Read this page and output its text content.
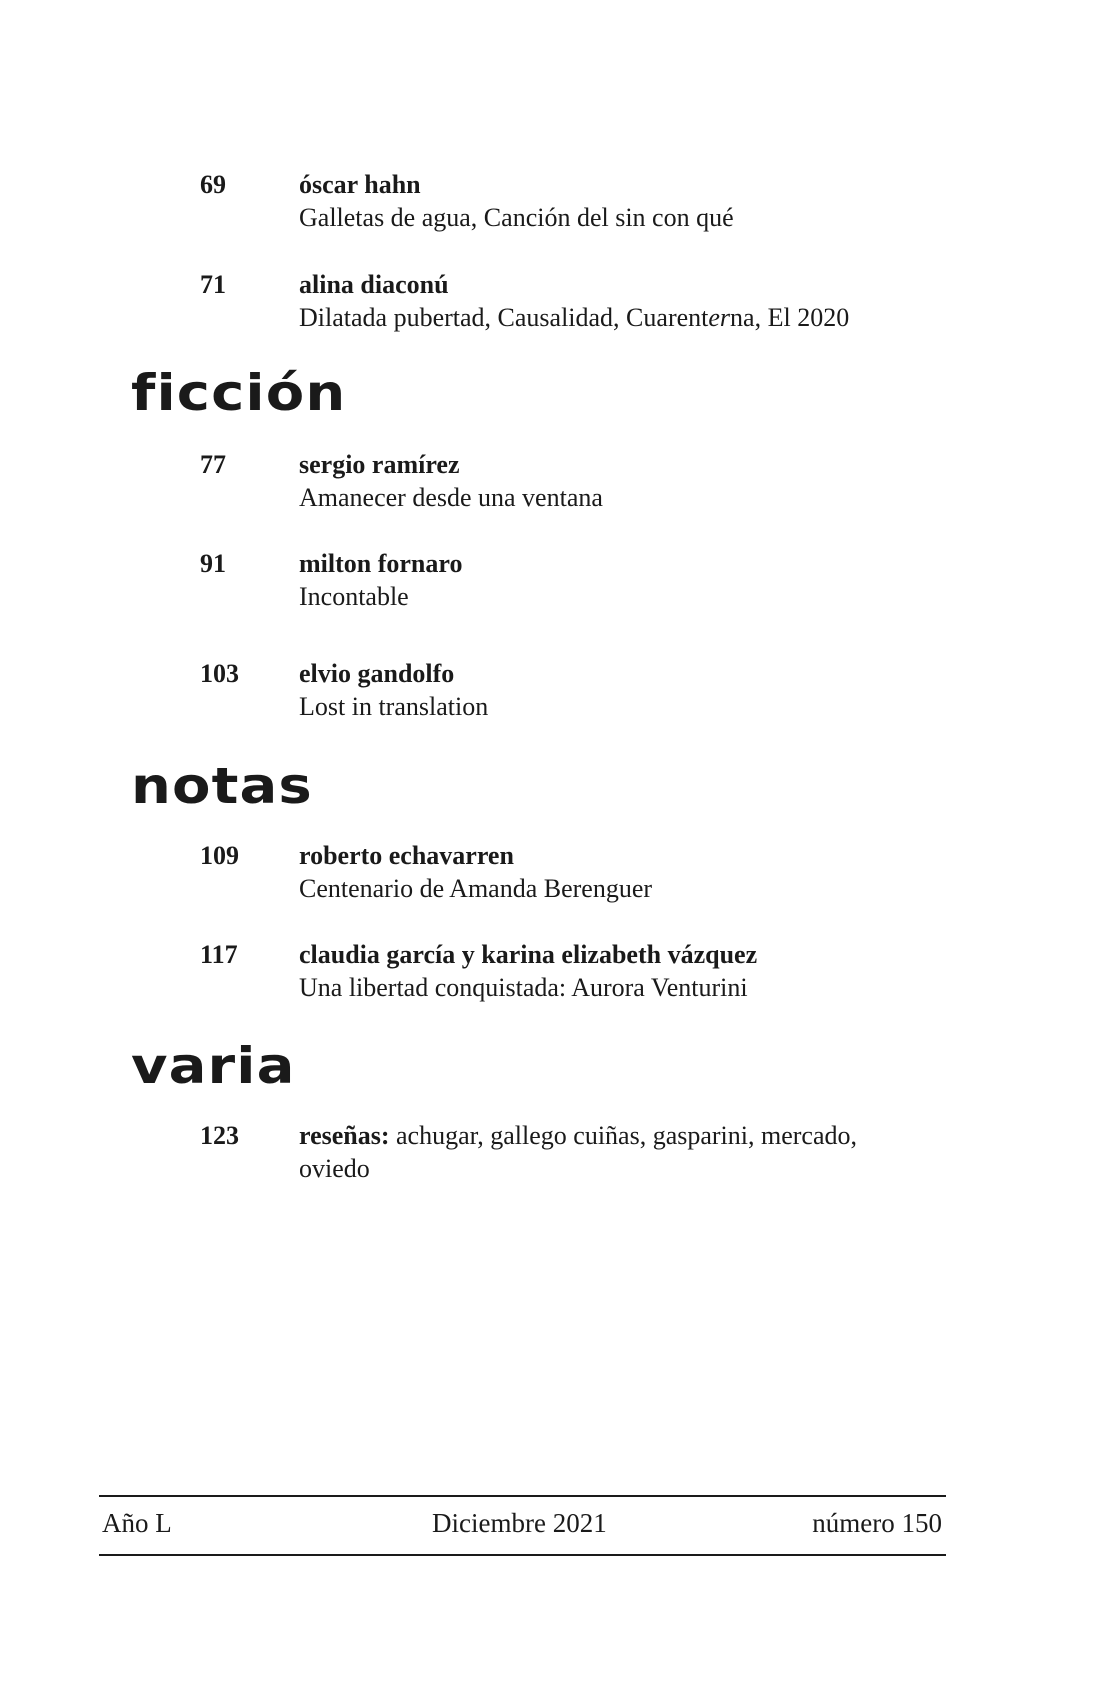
69	óscar hahn
Galletas de agua, Canción del sin con qué
71	alina diaconú
Dilatada pubertad, Causalidad, Cuarenterna, El 2020
ficción
77	sergio ramírez
Amanecer desde una ventana
91	milton fornaro
Incontable
103	elvio gandolfo
Lost in translation
notas
109	roberto echavarren
Centenario de Amanda Berenguer
117	claudia garcía y karina elizabeth vázquez
Una libertad conquistada: Aurora Venturini
varia
123	reseñas: achugar, gallego cuiñas, gasparini, mercado,
oviedo
Año L	Diciembre 2021	número 150
